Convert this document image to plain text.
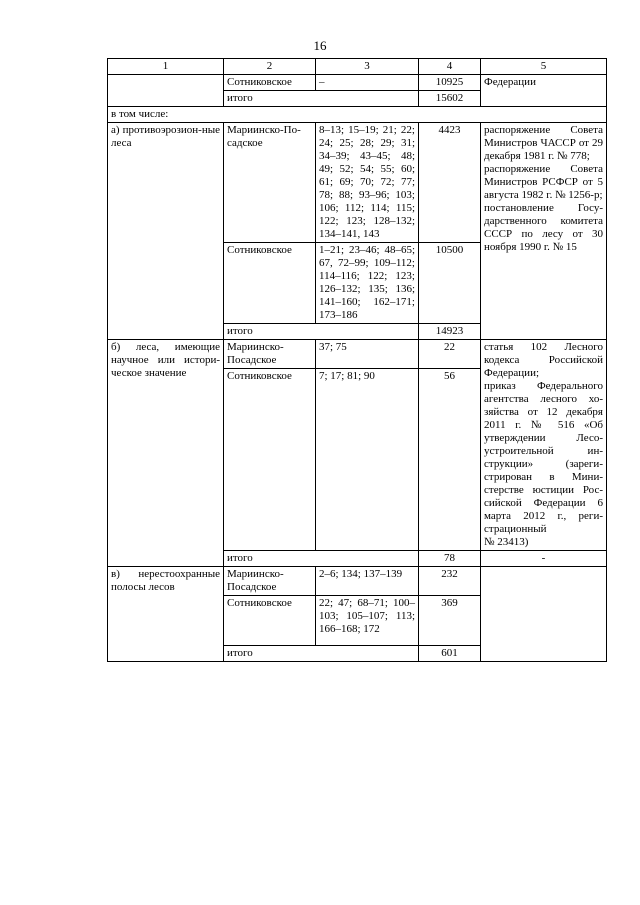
16
1	2	3	4	5
	Сотниковское	–	10925	Федерации
	итого		15602	
в том числе:				
а) противоэрозион-ные леса	Мариинско-По-садское	8–13; 15–19; 21; 22; 24; 25; 28; 29; 31; 34–39; 43–45; 48; 49; 52; 54; 55; 60; 61; 69; 70; 72; 77; 78; 88; 93–96; 103; 106; 112; 114; 115; 122; 123; 128–132; 134–141, 143	4423	распоряжение Совета Министров ЧАССР от 29 декабря 1981 г. № 778;
распоряжение Совета Министров РСФСР от 5 августа 1982 г. № 1256-р;
постановление Госу-дарственного комитета СССР по лесу от 30 ноября 1990 г. № 15
	Сотниковское	1–21; 23–46; 48–65; 67, 72–99; 109–112; 114–116; 122; 123; 126–132; 135; 136; 141–160; 162–171; 173–186	10500	
	итого		14923	
б) леса, имеющие научное или истори-ческое значение	Мариинско-Посадское	37; 75	22	статья 102 Лесного кодекса Российской Федерации;
приказ Федерального агентства лесного хо-зяйства от 12 декабря 2011 г. № 516 «Об утверждении Лесо-устроительной ин-струкции» (зареги-стрирован в Мини-стерстве юстиции Рос-сийской Федерации 6 марта 2012 г., реги-страционный
№ 23413)
	Сотниковское	7; 17; 81; 90	56	
	итого		78	-
в) нерестоохранные полосы лесов	Мариинско-Посадское	2–6; 134; 137–139	232	
	Сотниковское	22; 47; 68–71; 100–103; 105–107; 113; 166–168; 172	369	
	итого		601	
